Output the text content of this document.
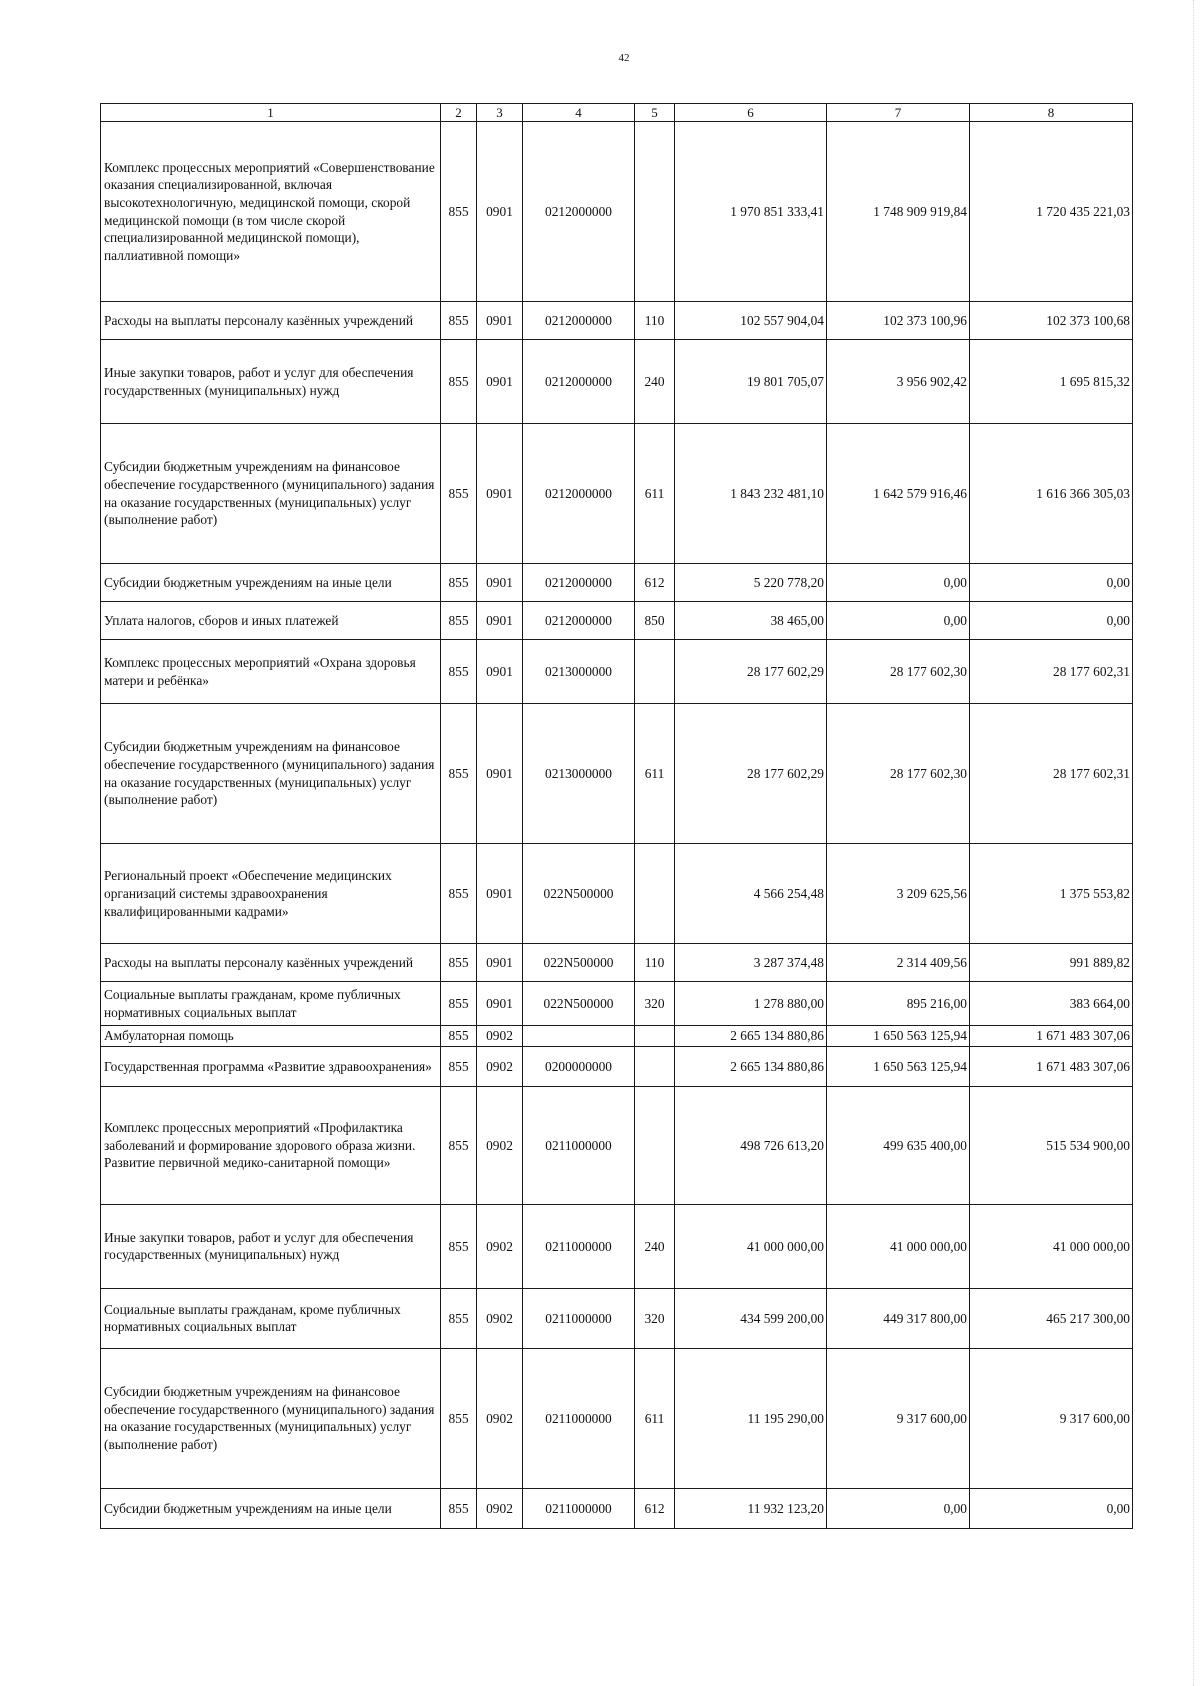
42
1	2	3	4	5	6	7	8
Комплекс процессных мероприятий «Совершенствование оказания специализированной, включая высокотехнологичную, медицинской помощи, скорой медицинской помощи (в том числе скорой специализированной медицинской помощи), паллиативной помощи»	855	0901	0212000000		1 970 851 333,41	1 748 909 919,84	1 720 435 221,03
Расходы на выплаты персоналу казённых учреждений	855	0901	0212000000	110	102 557 904,04	102 373 100,96	102 373 100,68
Иные закупки товаров, работ и услуг для обеспечения государственных (муниципальных) нужд	855	0901	0212000000	240	19 801 705,07	3 956 902,42	1 695 815,32
Субсидии бюджетным учреждениям на финансовое обеспечение государственного (муниципального) задания на оказание государственных (муниципальных) услуг (выполнение работ)	855	0901	0212000000	611	1 843 232 481,10	1 642 579 916,46	1 616 366 305,03
Субсидии бюджетным учреждениям на иные цели	855	0901	0212000000	612	5 220 778,20	0,00	0,00
Уплата налогов, сборов и иных платежей	855	0901	0212000000	850	38 465,00	0,00	0,00
Комплекс процессных мероприятий «Охрана здоровья матери и ребёнка»	855	0901	0213000000		28 177 602,29	28 177 602,30	28 177 602,31
Субсидии бюджетным учреждениям на финансовое обеспечение государственного (муниципального) задания на оказание государственных (муниципальных) услуг (выполнение работ)	855	0901	0213000000	611	28 177 602,29	28 177 602,30	28 177 602,31
Региональный проект «Обеспечение медицинских организаций системы здравоохранения квалифицированными кадрами»	855	0901	022N500000		4 566 254,48	3 209 625,56	1 375 553,82
Расходы на выплаты персоналу казённых учреждений	855	0901	022N500000	110	3 287 374,48	2 314 409,56	991 889,82
Социальные выплаты гражданам, кроме публичных нормативных социальных выплат	855	0901	022N500000	320	1 278 880,00	895 216,00	383 664,00
Амбулаторная помощь	855	0902			2 665 134 880,86	1 650 563 125,94	1 671 483 307,06
Государственная программа «Развитие здравоохранения»	855	0902	0200000000		2 665 134 880,86	1 650 563 125,94	1 671 483 307,06
Комплекс процессных мероприятий «Профилактика заболеваний и формирование здорового образа жизни. Развитие первичной медико-санитарной помощи»	855	0902	0211000000		498 726 613,20	499 635 400,00	515 534 900,00
Иные закупки товаров, работ и услуг для обеспечения государственных (муниципальных) нужд	855	0902	0211000000	240	41 000 000,00	41 000 000,00	41 000 000,00
Социальные выплаты гражданам, кроме публичных нормативных социальных выплат	855	0902	0211000000	320	434 599 200,00	449 317 800,00	465 217 300,00
Субсидии бюджетным учреждениям на финансовое обеспечение государственного (муниципального) задания на оказание государственных (муниципальных) услуг (выполнение работ)	855	0902	0211000000	611	11 195 290,00	9 317 600,00	9 317 600,00
Субсидии бюджетным учреждениям на иные цели	855	0902	0211000000	612	11 932 123,20	0,00	0,00
